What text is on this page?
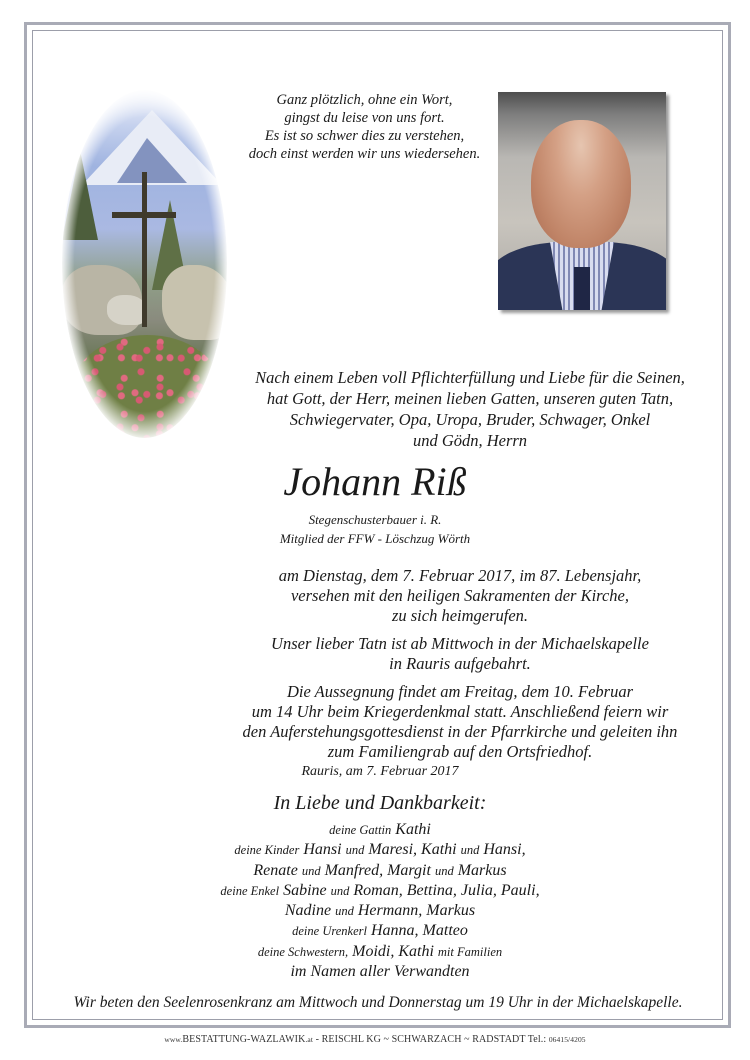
Ganz plötzlich, ohne ein Wort,
gingst du leise von uns fort.
Es ist so schwer dies zu verstehen,
doch einst werden wir uns wiedersehen.
Nach einem Leben voll Pflichterfüllung und Liebe für die Seinen,
hat Gott, der Herr, meinen lieben Gatten, unseren guten Tatn,
Schwiegervater, Opa, Uropa, Bruder, Schwager, Onkel
und Gödn, Herrn
Johann Riß
Stegenschusterbauer i. R.
Mitglied der FFW - Löschzug Wörth

am Dienstag, dem 7. Februar 2017, im 87. Lebensjahr,

versehen mit den heiligen Sakramenten der Kirche,

zu sich heimgerufen.

Unser lieber Tatn ist ab Mittwoch in der Michaelskapelle

in Rauris aufgebahrt.

Die Aussegnung findet am Freitag, dem 10. Februar

um 14 Uhr beim Kriegerdenkmal statt. Anschließend feiern wir

den Auferstehungsgottesdienst in der Pfarrkirche und geleiten ihn

zum Familiengrab auf den Ortsfriedhof.

Rauris, am 7. Februar 2017
In Liebe und Dankbarkeit:

deine Gattin Kathi

deine Kinder Hansi und Maresi, Kathi und Hansi,

Renate und Manfred, Margit und Markus

deine Enkel Sabine und Roman, Bettina, Julia, Pauli,

Nadine und Hermann, Markus

deine Urenkerl Hanna, Matteo

deine Schwestern, Moidi, Kathi mit Familien

im Namen aller Verwandten

Wir beten den Seelenrosenkranz am Mittwoch und Donnerstag um 19 Uhr in der Michaelskapelle.
www.BESTATTUNG-WAZLAWIK.at - REISCHL KG ~ SCHWARZACH ~ RADSTADT Tel.: 06415/4205
